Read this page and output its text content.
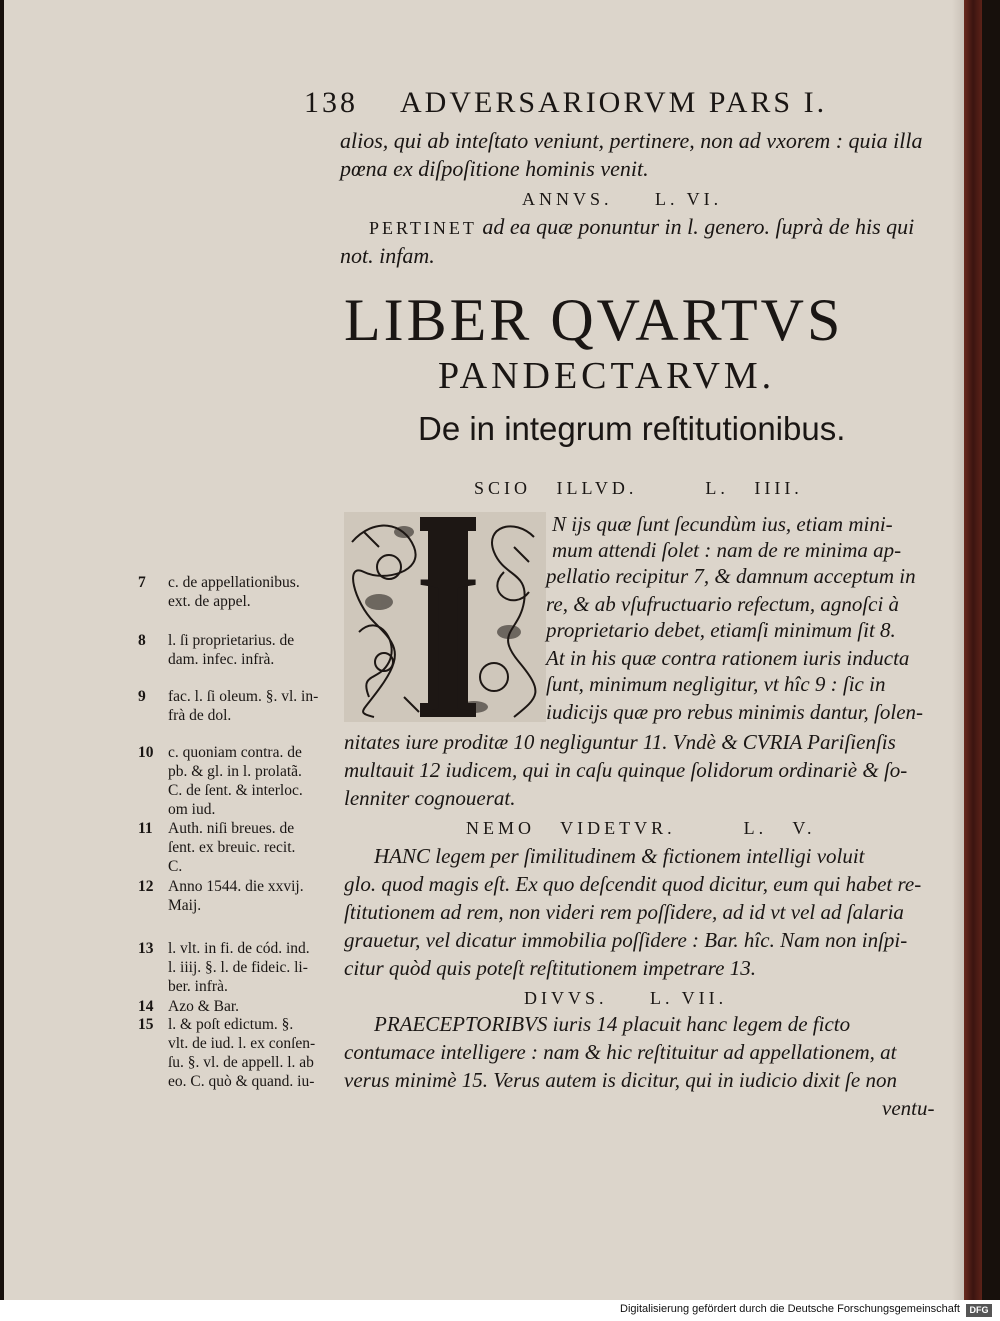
138 ADVERSARIORVM PARS I.
alios, qui ab inteſtato veniunt, pertinere, non ad vxorem : quia illa
pœna ex diſpoſitione hominis venit.
ANNVS.     L. VI.
PERTINET ad ea quæ ponuntur in l. genero. ſuprà de his qui
not. infam.
LIBER QVARTVS
PANDECTARVM.
De in integrum reſtitutionibus.
SCIO   ILLVD.        L.   IIII.
I
N ijs quæ ſunt ſecundùm ius, etiam mini-
mum attendi ſolet : nam de re minima ap-
pellatio recipitur 7, & damnum acceptum in
re, & ab vſufructuario refectum, agnoſci à
proprietario debet, etiamſi minimum ſit 8.
At in his quæ contra rationem iuris inducta
ſunt, minimum negligitur, vt hîc 9 : ſic in
iudicijs quæ pro rebus minimis dantur, ſolen-
nitates iure proditæ 10 negliguntur 11. Vndè & CVRIA Pariſienſis
multauit 12 iudicem, qui in caſu quinque ſolidorum ordinariè & ſo-
lenniter cognouerat.
NEMO   VIDETVR.        L.   V.
HANC legem per ſimilitudinem & fictionem intelligi voluit
glo. quod magis eſt. Ex quo deſcendit quod dicitur, eum qui habet re-
ſtitutionem ad rem, non videri rem poſſidere, ad id vt vel ad ſalaria
grauetur, vel dicatur immobilia poſſidere : Bar. hîc. Nam non inſpi-
citur quòd quis poteſt reſtitutionem impetrare 13.
DIVVS.     L. VII.
PRAECEPTORIBVS iuris 14 placuit hanc legem de ficto
contumace intelligere : nam & hic reſtituitur ad appellationem, at
verus minimè 15. Verus autem is dicitur, qui in iudicio dixit ſe non
ventu-
7	c. de appellationibus.
ext. de appel.
8	l. ſi proprietarius. de
dam. infec. infrà.
9	fac. l. ſi oleum. §. vl. in-
frà de dol.
10 c. quoniam contra. de
pb. & gl. in l. prolatã.
C. de ſent. & interloc.
om iud.
11 Auth. niſi breues. de
ſent. ex breuic. recit.
C.
12 Anno 1544. die xxvij.
Maij.
13 l. vlt. in fi. de cód. ind.
l. iiij. §. l. de fideic. li-
ber. infrà.
14 Azo & Bar.
15 l. & poſt edictum. §.
vlt. de iud. l. ex conſen-
ſu. §. vl. de appell. l. ab
eo. C. quò & quand. iu-
Digitalisierung gefördert durch die Deutsche Forschungsgemeinschaft	DFG
